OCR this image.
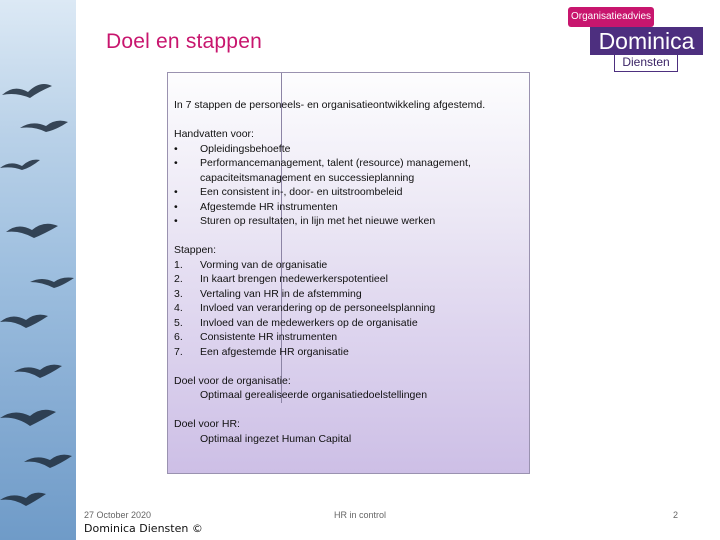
Doel en stappen
Organisatieadvies
Dominica
Diensten

In 7 stappen de personeels- en organisatieontwikkeling afgestemd.

Handvatten voor:

•	Opleidingsbehoefte
•	Performancemanagement, talent (resource) management,
capaciteitsmanagement en successieplanning
•	Een consistent in-, door- en uitstroombeleid
•	Afgestemde HR instrumenten
•	Sturen op resultaten, in lijn met het nieuwe werken

Stappen:

1.	Vorming van de organisatie
2.	In kaart brengen medewerkerspotentieel
3.	Vertaling van HR in de afstemming
4.	Invloed van verandering op de personeelsplanning
5.	Invloed van de medewerkers op de organisatie
6.	Consistente HR instrumenten
7.	Een afgestemde HR organisatie

Doel voor de organisatie:

Optimaal gerealiseerde organisatiedoelstellingen

Doel voor HR:

Optimaal ingezet Human Capital

27 October 2020
Dominica Diensten ©
HR in control	2
